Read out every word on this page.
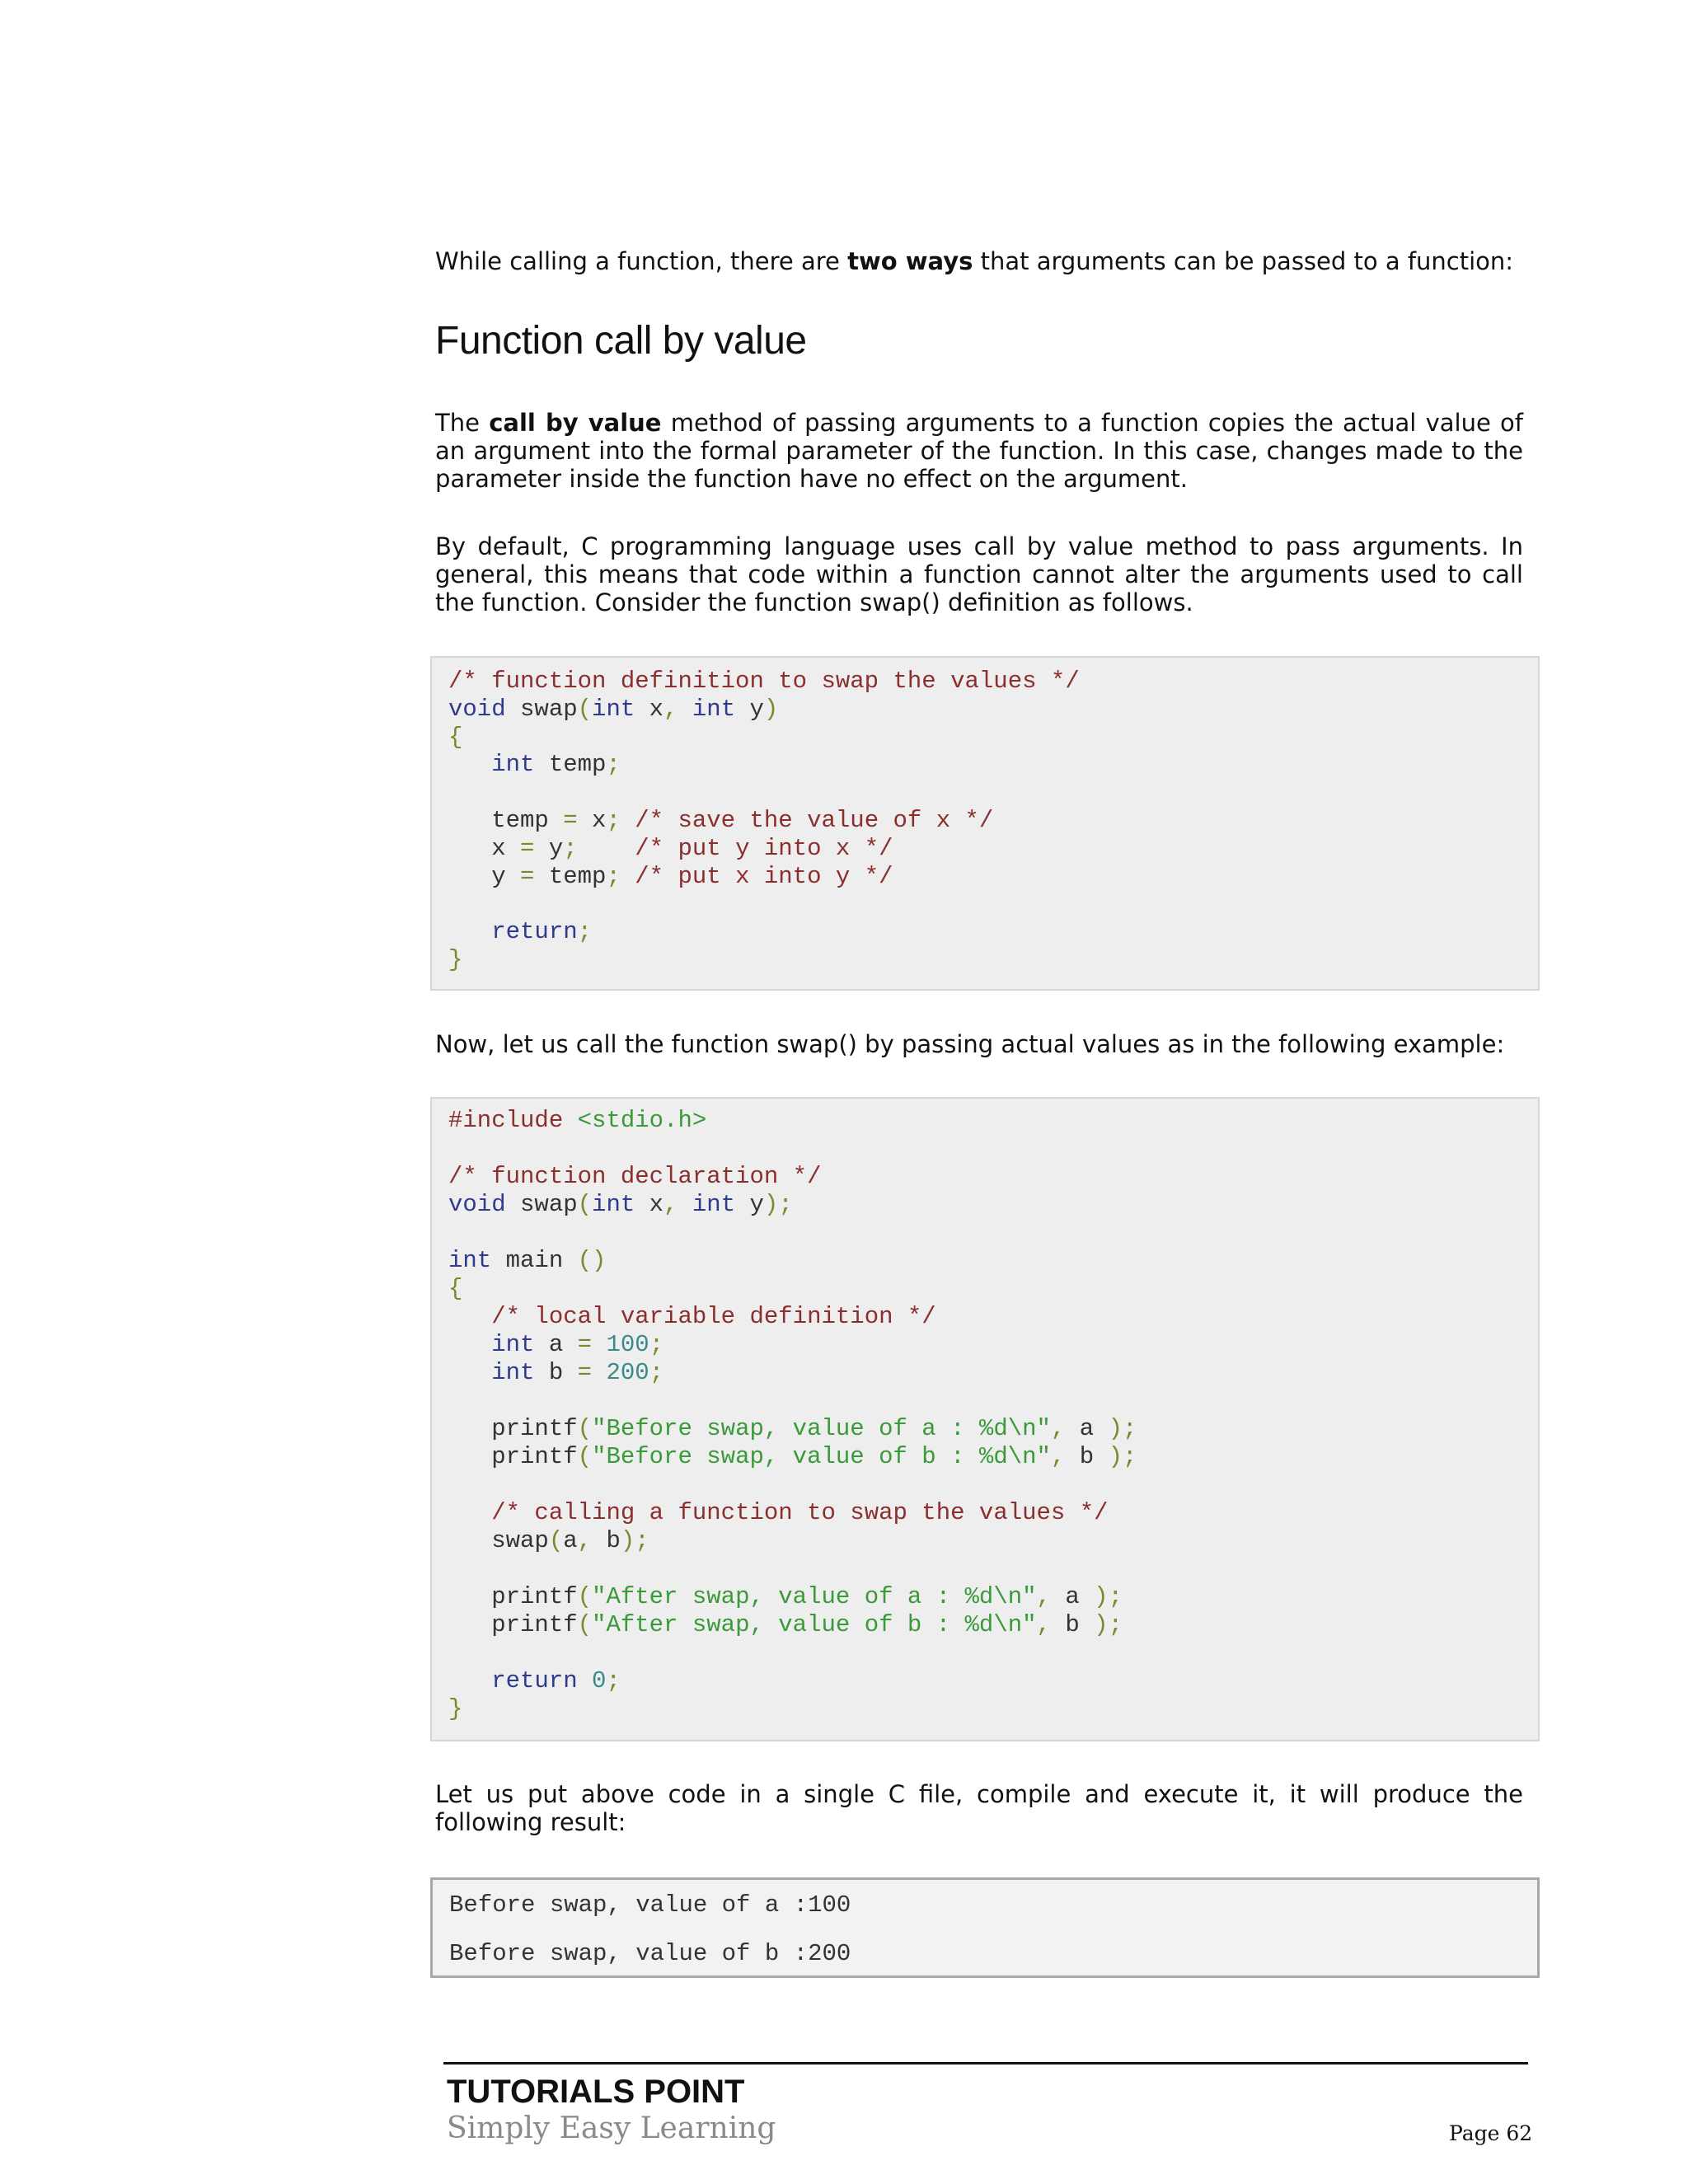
While calling a function, there are two ways that arguments can be passed to a function:

Function call by value

The call by value method of passing arguments to a function copies the actual value of an argument into the formal parameter of the function. In this case, changes made to the parameter inside the function have no effect on the argument.

By default, C programming language uses call by value method to pass arguments. In general, this means that code within a function cannot alter the arguments used to call the function. Consider the function swap() definition as follows.

/* function definition to swap the values */
void swap(int x, int y)
{
int temp;
temp = x; /* save the value of x */
x = y; /* put y into x */
y = temp; /* put x into y */
return;
}

Now, let us call the function swap() by passing actual values as in the following example:

#include <stdio.h>
/* function declaration */
void swap(int x, int y);
int main ()
{
/* local variable definition */
int a = 100;
int b = 200;
printf("Before swap, value of a : %d\n", a );
printf("Before swap, value of b : %d\n", b );
/* calling a function to swap the values */
swap(a, b);
printf("After swap, value of a : %d\n", a );
printf("After swap, value of b : %d\n", b );
return 0;
}

Let us put above code in a single C file, compile and execute it, it will produce the following result:

Before swap, value of a :100
Before swap, value of b :200

TUTORIALS POINT

Simply Easy Learning	Page 62
